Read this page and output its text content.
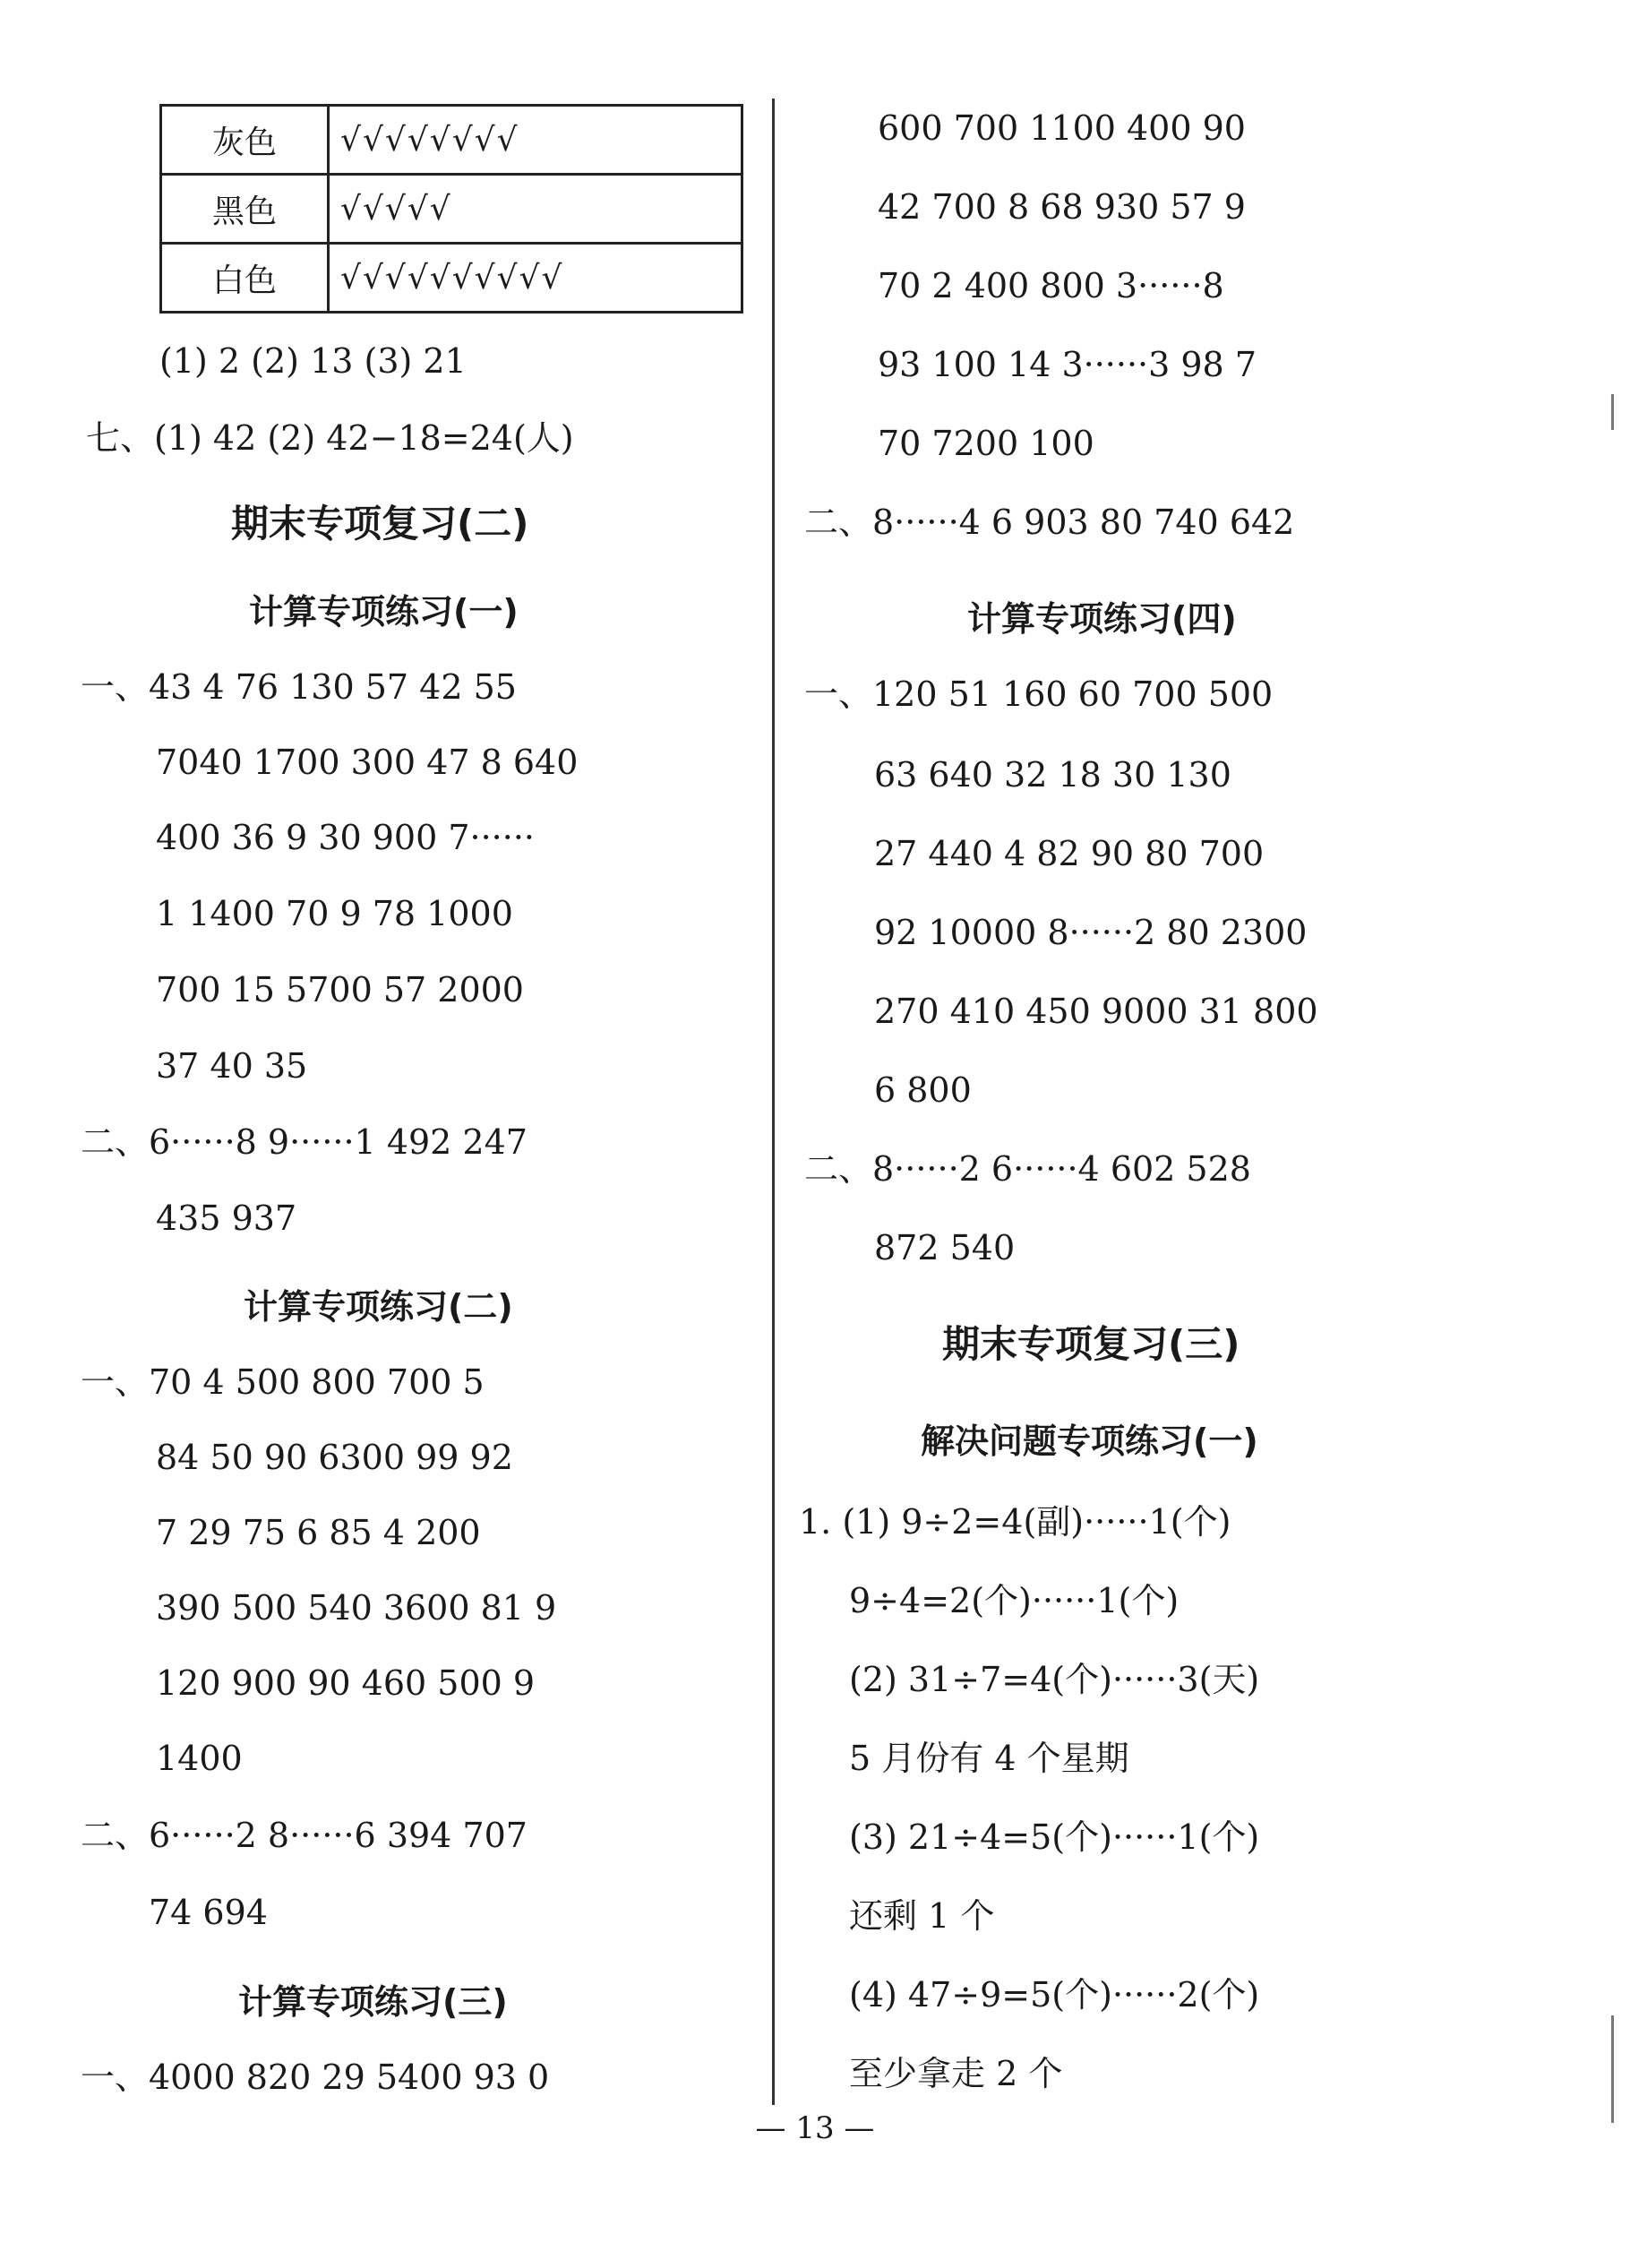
灰色	√√√√√√√√
黑色	√√√√√
白色	√√√√√√√√√√
(1) 2 (2) 13 (3) 21
七、(1) 42 (2) 42−18=24(人)
期末专项复习(二)
计算专项练习(一)
一、43 4 76 130 57 42 55
7040 1700 300 47 8 640
400 36 9 30 900 7······
1 1400 70 9 78 1000
700 15 5700 57 2000
37 40 35
二、6······8 9······1 492 247
435 937
计算专项练习(二)
一、70 4 500 800 700 5
84 50 90 6300 99 92
7 29 75 6 85 4 200
390 500 540 3600 81 9
120 900 90 460 500 9
1400
二、6······2 8······6 394 707
74 694
计算专项练习(三)
一、4000 820 29 5400 93 0
600 700 1100 400 90
42 700 8 68 930 57 9
70 2 400 800 3······8
93 100 14 3······3 98 7
70 7200 100
二、8······4 6 903 80 740 642
计算专项练习(四)
一、120 51 160 60 700 500
63 640 32 18 30 130
27 440 4 82 90 80 700
92 10000 8······2 80 2300
270 410 450 9000 31 800
6 800
二、8······2 6······4 602 528
872 540
期末专项复习(三)
解决问题专项练习(一)
1. (1) 9÷2=4(副)······1(个)
9÷4=2(个)······1(个)
(2) 31÷7=4(个)······3(天)
5 月份有 4 个星期
(3) 21÷4=5(个)······1(个)
还剩 1 个
(4) 47÷9=5(个)······2(个)
至少拿走 2 个
— 13 —
